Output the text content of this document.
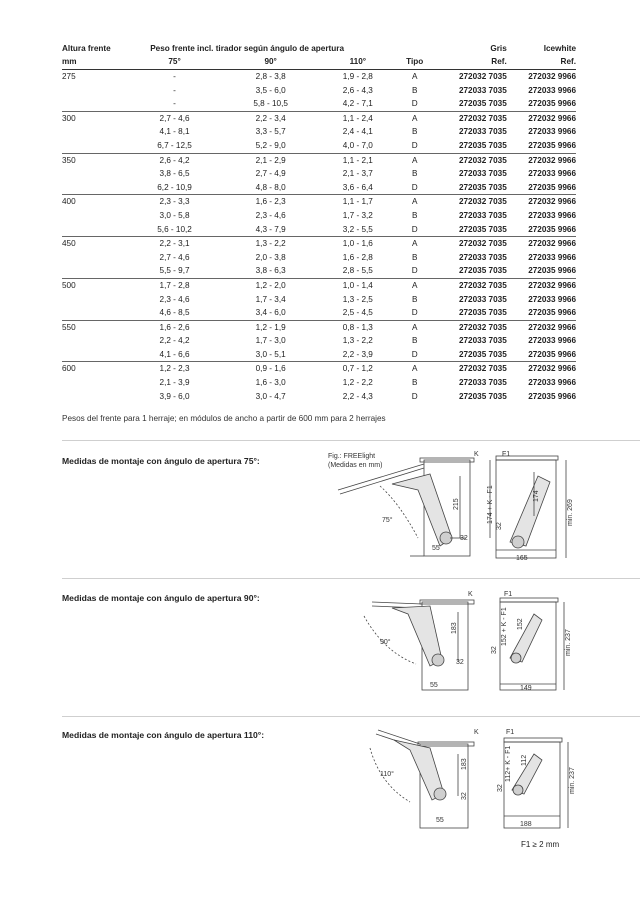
Altura frente	Peso frente incl. tirador según ángulo de apertura				Gris	Icewhite
mm	75°	90°	110°	Tipo	Ref.	Ref.
275	-	2,8 - 3,8	1,9 - 2,8	A	272032 7035	272032 9966
	-	3,5 - 6,0	2,6 - 4,3	B	272033 7035	272033 9966
	-	5,8 - 10,5	4,2 - 7,1	D	272035 7035	272035 9966
300	2,7 - 4,6	2,2 - 3,4	1,1 - 2,4	A	272032 7035	272032 9966
	4,1 - 8,1	3,3 - 5,7	2,4 - 4,1	B	272033 7035	272033 9966
	6,7 - 12,5	5,2 - 9,0	4,0 - 7,0	D	272035 7035	272035 9966
350	2,6 - 4,2	2,1 - 2,9	1,1 - 2,1	A	272032 7035	272032 9966
	3,8 - 6,5	2,7 - 4,9	2,1 - 3,7	B	272033 7035	272033 9966
	6,2 - 10,9	4,8 - 8,0	3,6 - 6,4	D	272035 7035	272035 9966
400	2,3 - 3,3	1,6 - 2,3	1,1 - 1,7	A	272032 7035	272032 9966
	3,0 - 5,8	2,3 - 4,6	1,7 - 3,2	B	272033 7035	272033 9966
	5,6 - 10,2	4,3 - 7,9	3,2 - 5,5	D	272035 7035	272035 9966
450	2,2 - 3,1	1,3 - 2,2	1,0 - 1,6	A	272032 7035	272032 9966
	2,7 - 4,6	2,0 - 3,8	1,6 - 2,8	B	272033 7035	272033 9966
	5,5 - 9,7	3,8 - 6,3	2,8 - 5,5	D	272035 7035	272035 9966
500	1,7 - 2,8	1,2 - 2,0	1,0 - 1,4	A	272032 7035	272032 9966
	2,3 - 4,6	1,7 - 3,4	1,3 - 2,5	B	272033 7035	272033 9966
	4,6 - 8,5	3,4 - 6,0	2,5 - 4,5	D	272035 7035	272035 9966
550	1,6 - 2,6	1,2 - 1,9	0,8 - 1,3	A	272032 7035	272032 9966
	2,2 - 4,2	1,7 - 3,0	1,3 - 2,2	B	272033 7035	272033 9966
	4,1 - 6,6	3,0 - 5,1	2,2 - 3,9	D	272035 7035	272035 9966
600	1,2 - 2,3	0,9 - 1,6	0,7 - 1,2	A	272032 7035	272032 9966
	2,1 - 3,9	1,6 - 3,0	1,2 - 2,2	B	272033 7035	272033 9966
	3,9 - 6,0	3,0 - 4,7	2,2 - 4,3	D	272035 7035	272035 9966
Pesos del frente para 1 herraje; en módulos de ancho a partir de 600 mm para 2 herrajes
Medidas de montaje con ángulo de apertura 75°:
Medidas de montaje con ángulo de apertura 90°:
Medidas de montaje con ángulo de apertura 110°:
Fig.: FREElight
(Medidas en mm)
75°
K	F1
55
32
215
32
174 + K - F1	174
min. 269
165
90°
K	F1
55
32
183
32
152 + K - F1 152
min. 237
149
110°
K	F1
55
32
183
32
112+ K - F1 112
min. 237
188
F1 ≥ 2 mm
